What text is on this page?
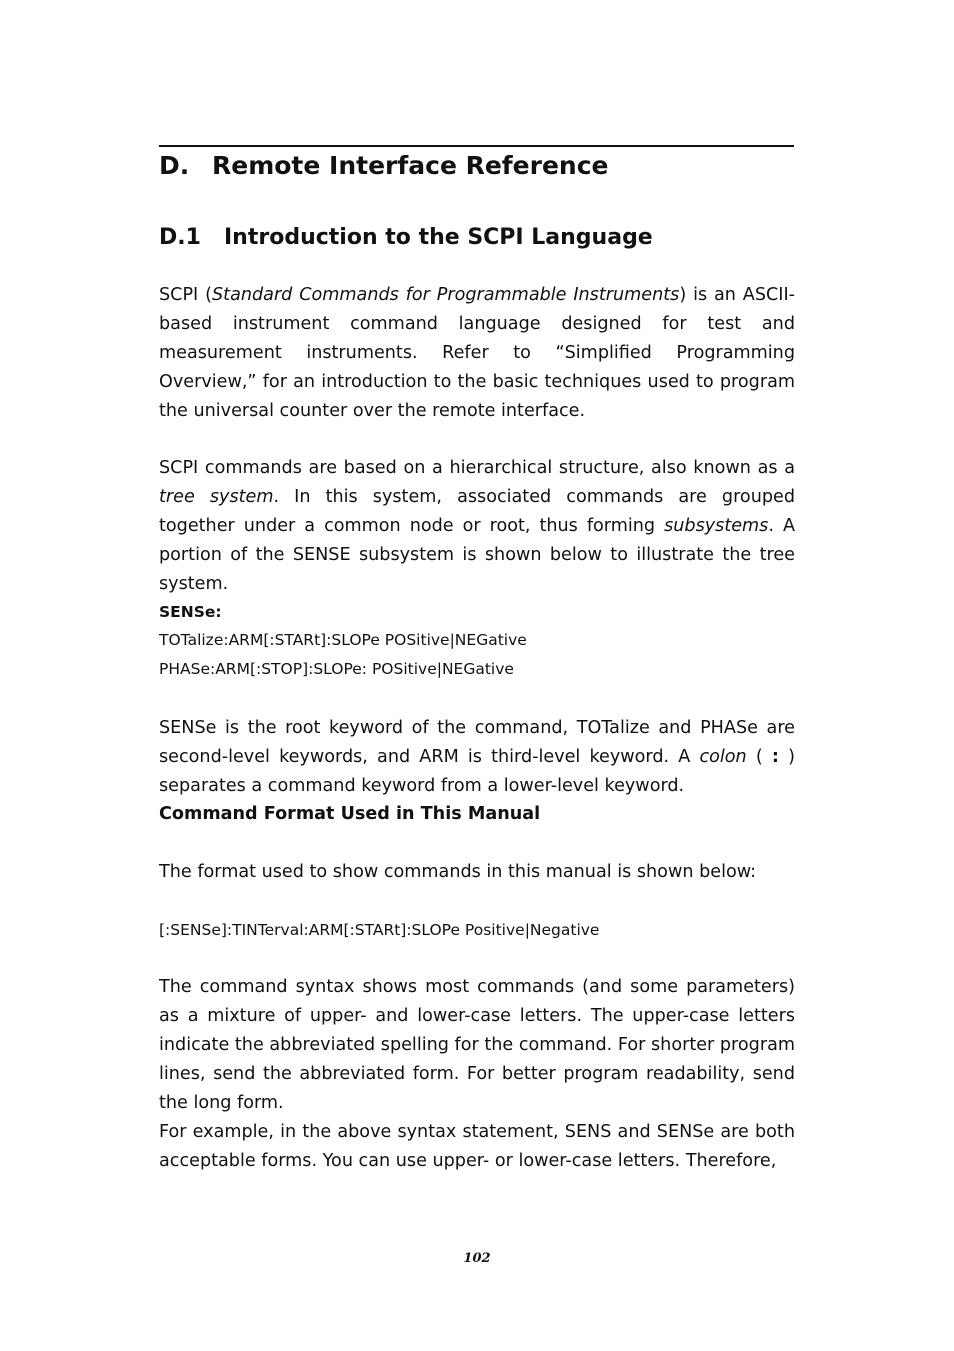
D. Remote Interface Reference
D.1 Introduction to the SCPI Language

SCPI (Standard Commands for Programmable Instruments) is an ASCII-based instrument command language designed for test and measurement instruments. Refer to “Simplified Programming Overview,” for an introduction to the basic techniques used to program the universal counter over the remote interface.

SCPI commands are based on a hierarchical structure, also known as a tree system. In this system, associated commands are grouped together under a common node or root, thus forming subsystems. A portion of the SENSE subsystem is shown below to illustrate the tree system.

SENSe:
TOTalize:ARM[:STARt]:SLOPe POSitive|NEGative
PHASe:ARM[:STOP]:SLOPe: POSitive|NEGative

SENSe is the root keyword of the command, TOTalize and PHASe are second-level keywords, and ARM is third-level keyword. A colon ( : ) separates a command keyword from a lower-level keyword.

Command Format Used in This Manual
The format used to show commands in this manual is shown below:
[:SENSe]:TINTerval:ARM[:STARt]:SLOPe Positive|Negative

The command syntax shows most commands (and some parameters) as a mixture of upper- and lower-case letters. The upper-case letters indicate the abbreviated spelling for the command. For shorter program lines, send the abbreviated form. For better program readability, send the long form.

For example, in the above syntax statement, SENS and SENSe are both acceptable forms. You can use upper- or lower-case letters. Therefore,

102
